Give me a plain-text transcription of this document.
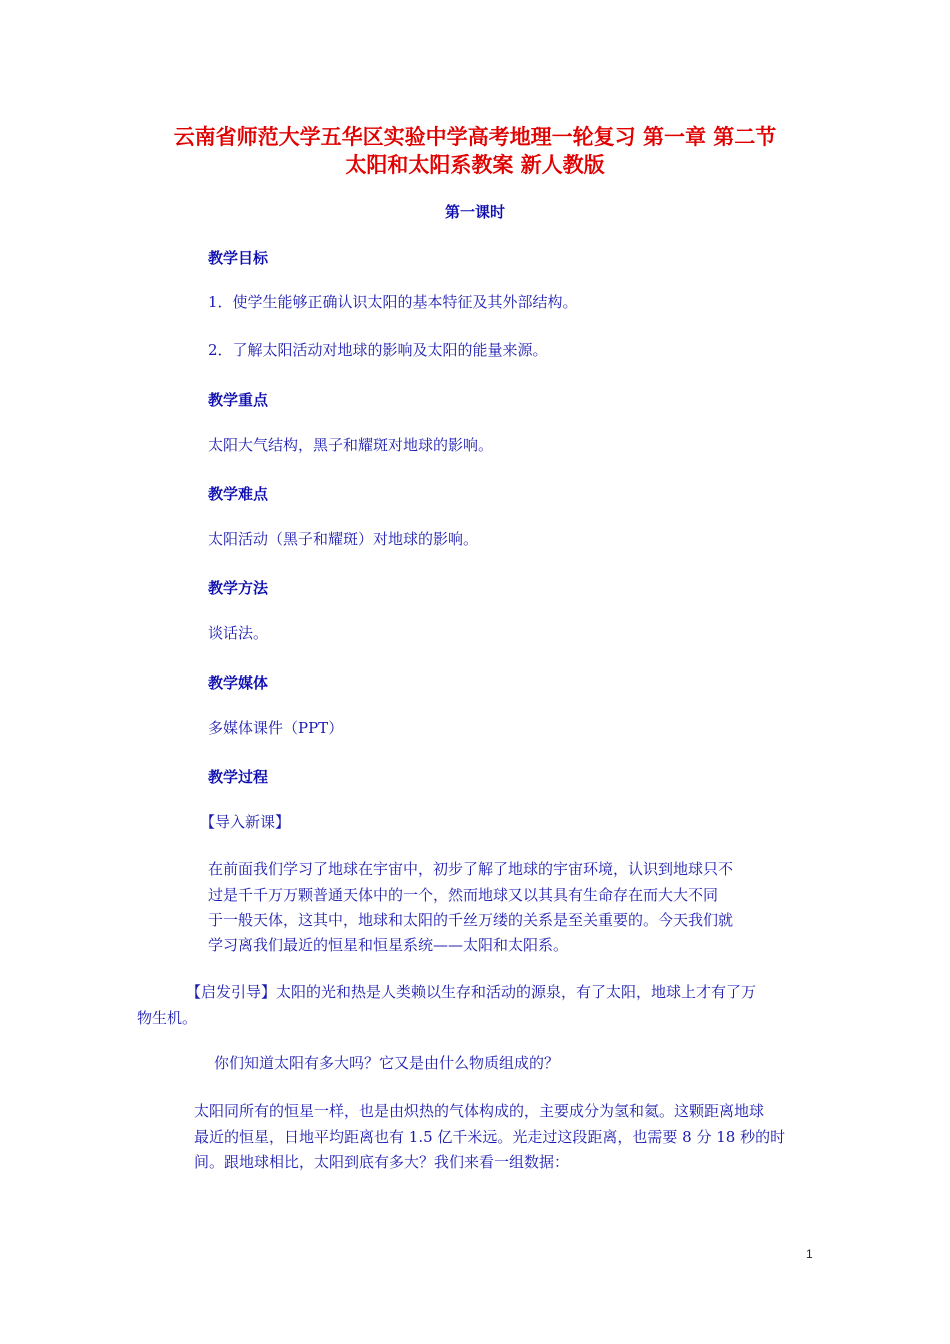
云南省师范大学五华区实验中学高考地理一轮复习 第一章 第二节
太阳和太阳系教案 新人教版
第一课时
教学目标
1．使学生能够正确认识太阳的基本特征及其外部结构。
2．了解太阳活动对地球的影响及太阳的能量来源。
教学重点
太阳大气结构，黑子和耀斑对地球的影响。
教学难点
太阳活动（黑子和耀斑）对地球的影响。
教学方法
谈话法。
教学媒体
多媒体课件（PPT）
教学过程
【导入新课】
在前面我们学习了地球在宇宙中，初步了解了地球的宇宙环境，认识到地球只不
过是千千万万颗普通天体中的一个，然而地球又以其具有生命存在而大大不同
于一般天体，这其中，地球和太阳的千丝万缕的关系是至关重要的。今天我们就
学习离我们最近的恒星和恒星系统——太阳和太阳系。
【启发引导】太阳的光和热是人类赖以生存和活动的源泉，有了太阳，地球上才有了万
物生机。
你们知道太阳有多大吗？它又是由什么物质组成的？
太阳同所有的恒星一样，也是由炽热的气体构成的，主要成分为氢和氦。这颗距离地球
最近的恒星，日地平均距离也有 1.5 亿千米远。光走过这段距离，也需要 8 分 18 秒的时
间。跟地球相比，太阳到底有多大？我们来看一组数据：
1
